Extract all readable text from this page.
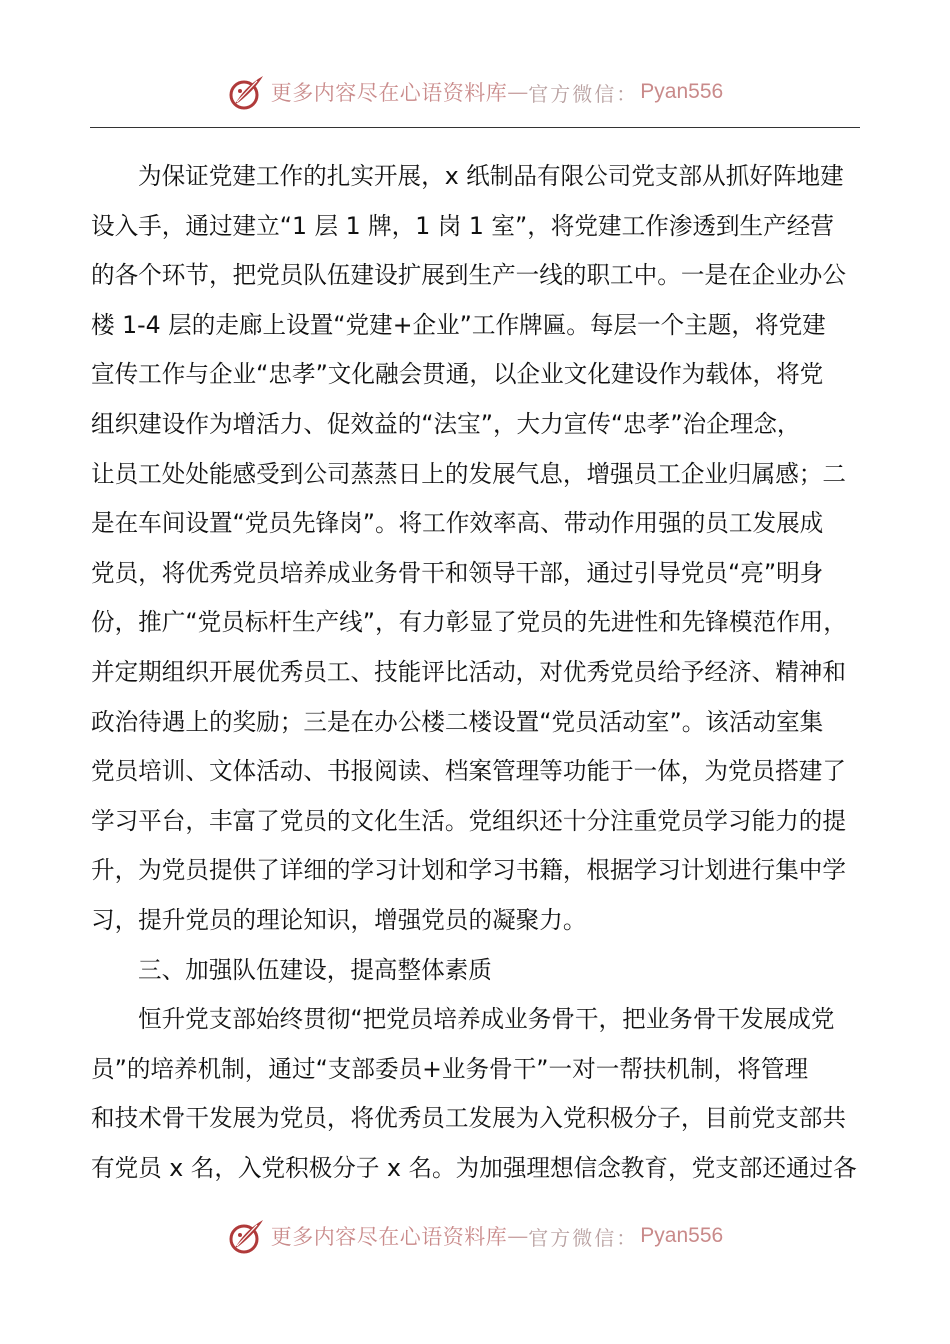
更多内容尽在心语资料库 — 官方微信： Pyan556
为保证党建工作的扎实开展，x 纸制品有限公司党支部从抓好阵地建
设入手，通过建立“1 层 1 牌，1 岗 1 室”，将党建工作渗透到生产经营
的各个环节，把党员队伍建设扩展到生产一线的职工中。一是在企业办公
楼 1-4 层的走廊上设置“党建+企业”工作牌匾。每层一个主题，将党建
宣传工作与企业“忠孝”文化融会贯通，以企业文化建设作为载体，将党
组织建设作为增活力、促效益的“法宝”，大力宣传“忠孝”治企理念，
让员工处处能感受到公司蒸蒸日上的发展气息，增强员工企业归属感；二
是在车间设置“党员先锋岗”。将工作效率高、带动作用强的员工发展成
党员，将优秀党员培养成业务骨干和领导干部，通过引导党员“亮”明身
份，推广“党员标杆生产线”，有力彰显了党员的先进性和先锋模范作用，
并定期组织开展优秀员工、技能评比活动，对优秀党员给予经济、精神和
政治待遇上的奖励；三是在办公楼二楼设置“党员活动室”。该活动室集
党员培训、文体活动、书报阅读、档案管理等功能于一体，为党员搭建了
学习平台，丰富了党员的文化生活。党组织还十分注重党员学习能力的提
升，为党员提供了详细的学习计划和学习书籍，根据学习计划进行集中学
习，提升党员的理论知识，增强党员的凝聚力。
三、加强队伍建设，提高整体素质
恒升党支部始终贯彻“把党员培养成业务骨干，把业务骨干发展成党
员”的培养机制，通过“支部委员+业务骨干”一对一帮扶机制，将管理
和技术骨干发展为党员，将优秀员工发展为入党积极分子，目前党支部共
有党员 x 名，入党积极分子 x 名。为加强理想信念教育，党支部还通过各
更多内容尽在心语资料库 — 官方微信： Pyan556
